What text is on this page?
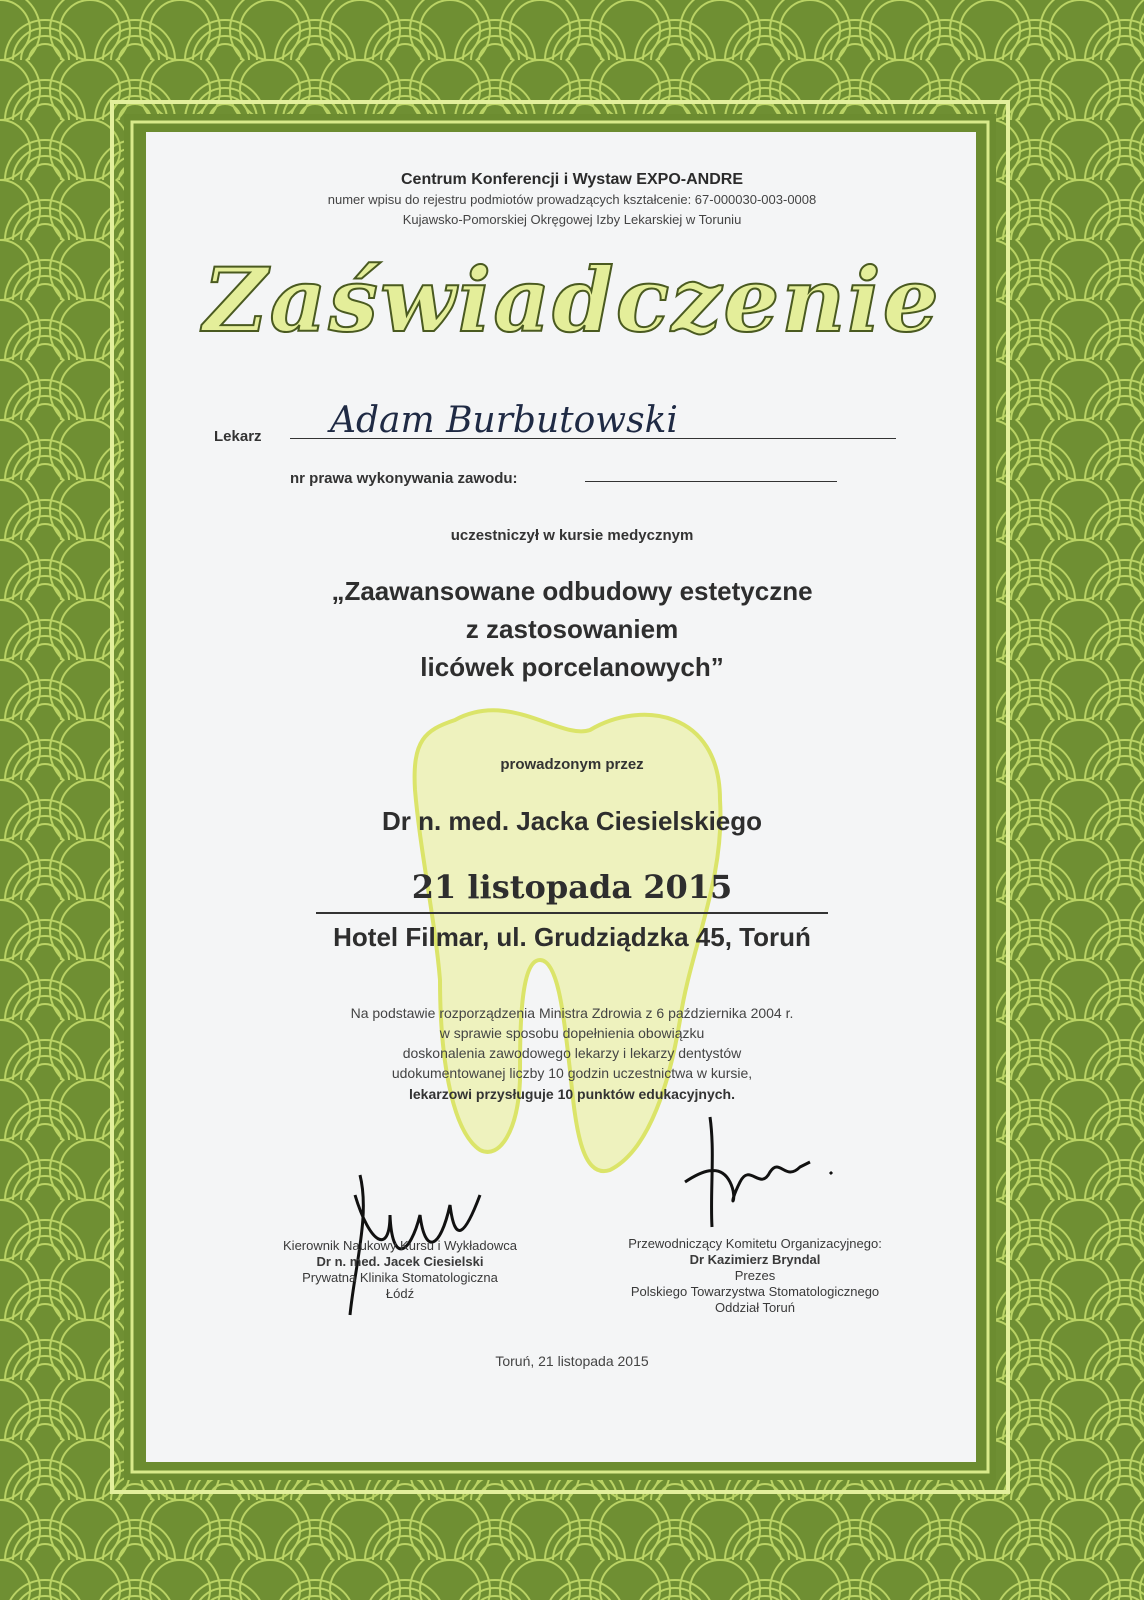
Centrum Konferencji i Wystaw EXPO-ANDRE
numer wpisu do rejestru podmiotów prowadzących kształcenie: 67-000030-003-0008
Kujawsko-Pomorskiej Okręgowej Izby Lekarskiej w Toruniu
Zaświadczenie
Lekarz Adam Burbutowski
nr prawa wykonywania zawodu:
uczestniczył w kursie medycznym
„Zaawansowane odbudowy estetyczne
z zastosowaniem
licówek porcelanowych”
prowadzonym przez
Dr n. med. Jacka Ciesielskiego
21 listopada 2015
Hotel Filmar, ul. Grudziądzka 45, Toruń
Na podstawie rozporządzenia Ministra Zdrowia z 6 października 2004 r.
w sprawie sposobu dopełnienia obowiązku
doskonalenia zawodowego lekarzy i lekarzy dentystów
udokumentowanej liczby 10 godzin uczestnictwa w kursie,
lekarzowi przysługuje 10 punktów edukacyjnych.
Kierownik Naukowy Kursu i Wykładowca
Dr n. med. Jacek Ciesielski
Prywatna Klinika Stomatologiczna
Łódź
Przewodniczący Komitetu Organizacyjnego:
Dr Kazimierz Bryndal
Prezes
Polskiego Towarzystwa Stomatologicznego
Oddział Toruń
Toruń, 21 listopada 2015
